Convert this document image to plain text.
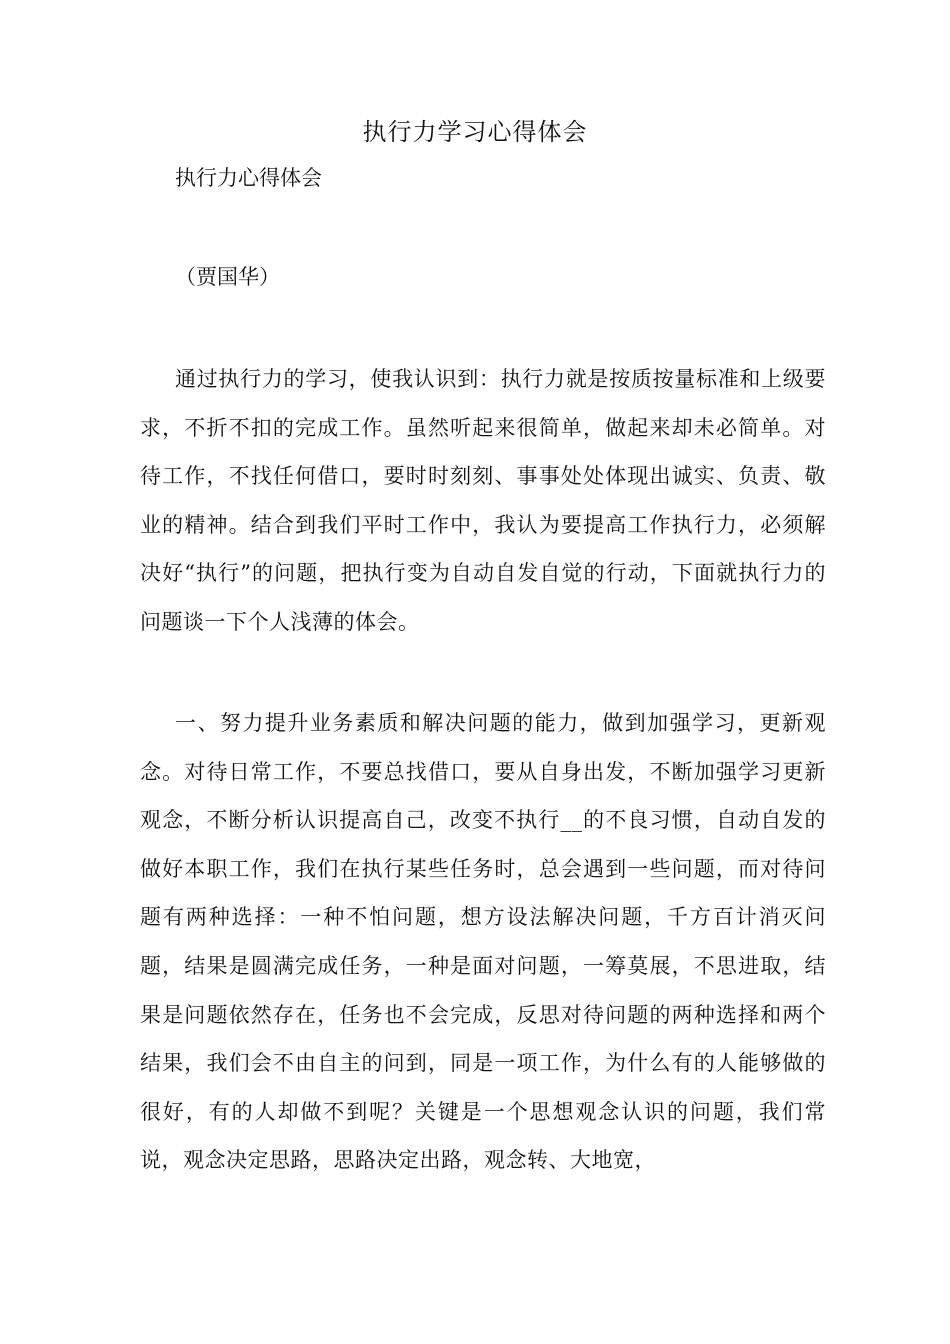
执行力学习心得体会
执行力心得体会
（贾国华）

通过执行力的学习，使我认识到：执行力就是按质按量标准和上级要求，不折不扣的完成工作。虽然听起来很简单，做起来却未必简单。对待工作，不找任何借口，要时时刻刻、事事处处体现出诚实、负责、敬业的精神。结合到我们平时工作中，我认为要提高工作执行力，必须解决好“执行”的问题，把执行变为自动自发自觉的行动，下面就执行力的问题谈一下个人浅薄的体会。

一、努力提升业务素质和解决问题的能力，做到加强学习，更新观念。对待日常工作，不要总找借口，要从自身出发，不断加强学习更新观念，不断分析认识提高自己，改变不执行__的不良习惯，自动自发的做好本职工作，我们在执行某些任务时，总会遇到一些问题，而对待问题有两种选择：一种不怕问题，想方设法解决问题，千方百计消灭问题，结果是圆满完成任务，一种是面对问题，一筹莫展，不思进取，结果是问题依然存在，任务也不会完成，反思对待问题的两种选择和两个结果，我们会不由自主的问到，同是一项工作，为什么有的人能够做的很好，有的人却做不到呢？关键是一个思想观念认识的问题，我们常说，观念决定思路，思路决定出路，观念转、大地宽，
